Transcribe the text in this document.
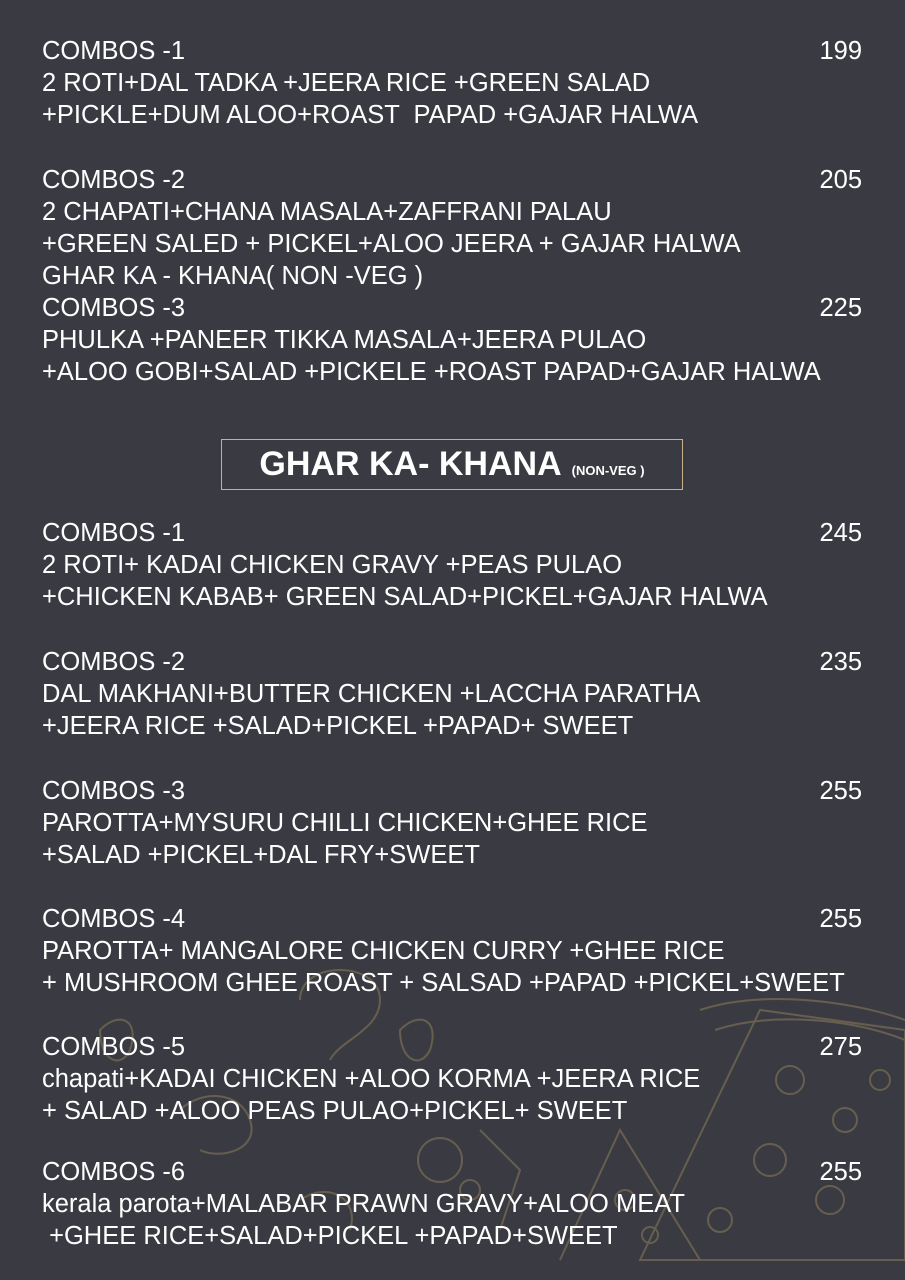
COMBOS -1	199
2 ROTI+DAL TADKA +JEERA RICE +GREEN SALAD
+PICKLE+DUM ALOO+ROAST  PAPAD +GAJAR HALWA
COMBOS -2	205
2 CHAPATI+CHANA MASALA+ZAFFRANI PALAU
+GREEN SALED + PICKEL+ALOO JEERA + GAJAR HALWA
GHAR KA - KHANA( NON -VEG )
COMBOS -3	225
PHULKA +PANEER TIKKA MASALA+JEERA PULAO
+ALOO GOBI+SALAD +PICKELE +ROAST PAPAD+GAJAR HALWA
GHAR KA- KHANA (NON-VEG )
COMBOS -1	245
2 ROTI+ KADAI CHICKEN GRAVY +PEAS PULAO
+CHICKEN KABAB+ GREEN SALAD+PICKEL+GAJAR HALWA
COMBOS -2	235
DAL MAKHANI+BUTTER CHICKEN +LACCHA PARATHA
+JEERA RICE +SALAD+PICKEL +PAPAD+ SWEET
COMBOS -3	255
PAROTTA+MYSURU CHILLI CHICKEN+GHEE RICE
+SALAD +PICKEL+DAL FRY+SWEET
COMBOS -4	255
PAROTTA+ MANGALORE CHICKEN CURRY +GHEE RICE
+ MUSHROOM GHEE ROAST + SALSAD +PAPAD +PICKEL+SWEET
COMBOS -5	275
chapati+KADAI CHICKEN +ALOO KORMA +JEERA RICE
+ SALAD +ALOO PEAS PULAO+PICKEL+ SWEET
COMBOS -6	255
kerala parota+MALABAR PRAWN GRAVY+ALOO MEAT
+GHEE RICE+SALAD+PICKEL +PAPAD+SWEET
